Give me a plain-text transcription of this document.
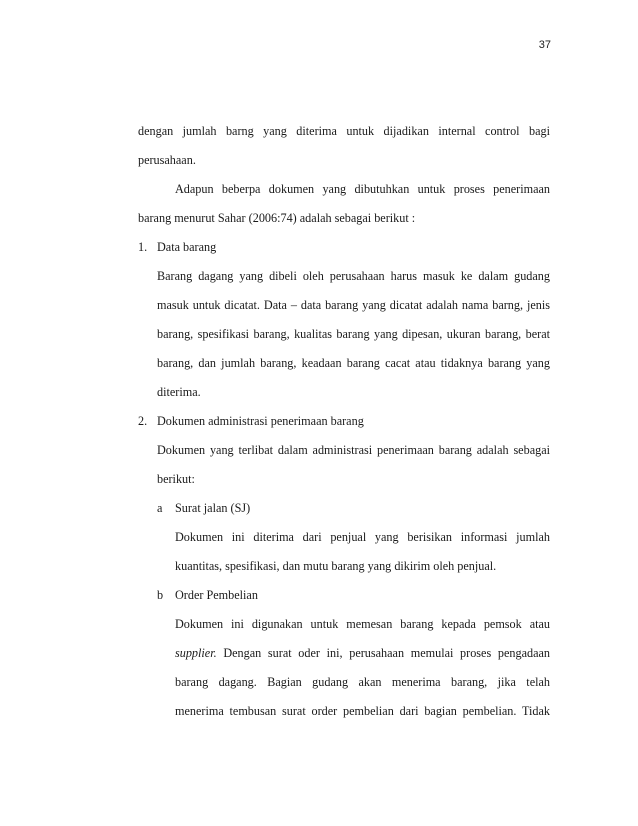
37

dengan jumlah barng yang diterima untuk dijadikan internal control bagi

perusahaan.

Adapun beberpa dokumen yang dibutuhkan untuk proses penerimaan

barang menurut Sahar (2006:74) adalah sebagai berikut :

1. Data barang

Barang dagang yang dibeli oleh perusahaan harus masuk ke dalam gudang

masuk untuk dicatat. Data – data barang yang dicatat adalah nama barng, jenis

barang, spesifikasi barang, kualitas barang yang dipesan, ukuran barang, berat

barang, dan jumlah barang, keadaan barang cacat atau tidaknya barang yang

diterima.

2. Dokumen administrasi penerimaan barang

Dokumen yang terlibat dalam administrasi penerimaan barang adalah sebagai

berikut:

a	Surat jalan (SJ)

Dokumen ini diterima dari penjual yang berisikan informasi jumlah

kuantitas, spesifikasi, dan mutu barang yang dikirim oleh penjual.

b Order Pembelian

Dokumen ini digunakan untuk memesan barang kepada pemsok atau

supplier. Dengan surat oder ini, perusahaan memulai proses pengadaan

barang dagang. Bagian gudang akan menerima barang, jika telah

menerima tembusan surat order pembelian dari bagian pembelian. Tidak
